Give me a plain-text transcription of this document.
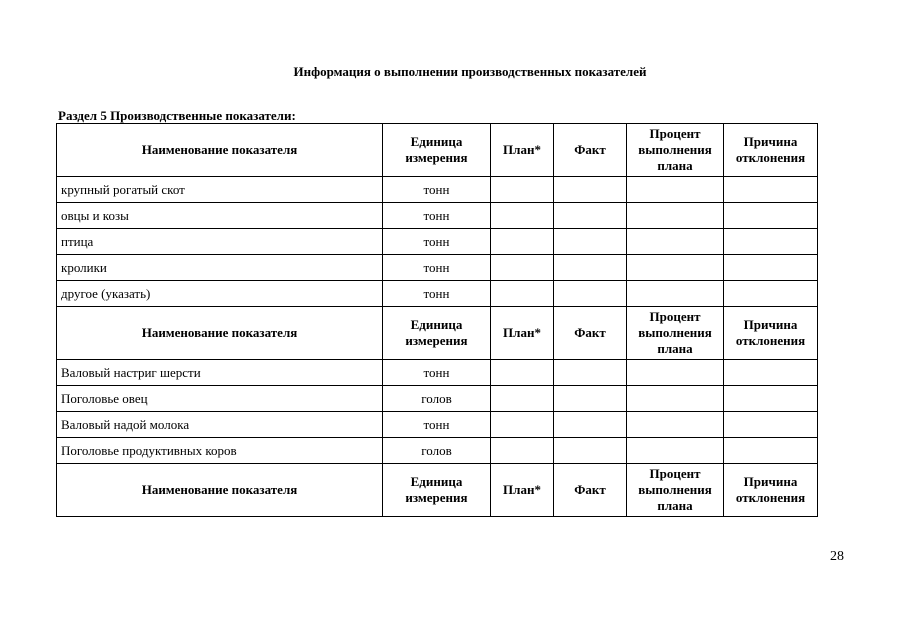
Информация о выполнении производственных показателей
Раздел 5 Производственные показатели:
Наименование показателя	Единица измерения	План*	Факт	Процент выполнения плана	Причина отклонения
крупный рогатый скот	тонн				
овцы и козы	тонн				
птица	тонн				
кролики	тонн				
другое (указать)	тонн				
Наименование показателя	Единица измерения	План*	Факт	Процент выполнения плана	Причина отклонения
Валовый настриг шерсти	тонн				
Поголовье овец	голов				
Валовый надой молока	тонн				
Поголовье продуктивных коров	голов				
Наименование показателя	Единица измерения	План*	Факт	Процент выполнения плана	Причина отклонения
28
